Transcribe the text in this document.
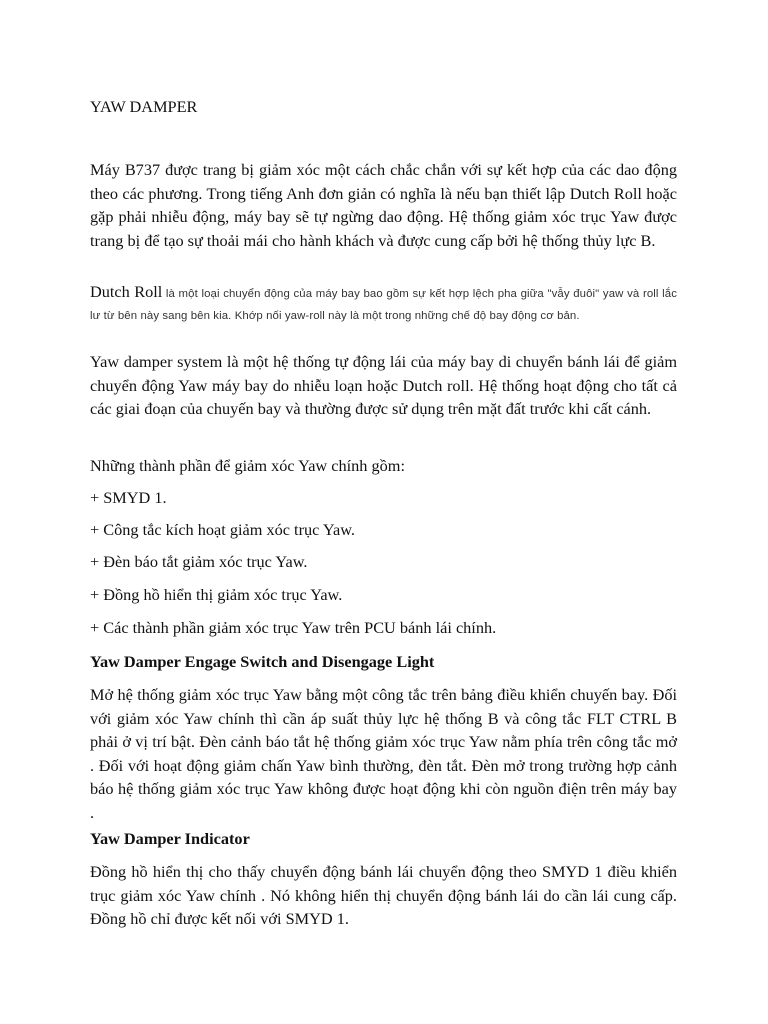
YAW DAMPER

Máy B737 được trang bị giảm xóc một cách chắc chắn với sự kết hợp của các dao động theo các phương. Trong tiếng Anh đơn giản có nghĩa là nếu bạn thiết lập Dutch Roll hoặc gặp phải nhiễu động, máy bay sẽ tự ngừng dao động. Hệ thống giảm xóc trục Yaw được trang bị để tạo sự thoải mái cho hành khách và được cung cấp bởi hệ thống thủy lực B.

Dutch Roll là một loại chuyển động của máy bay bao gồm sự kết hợp lệch pha giữa "vẫy đuôi" yaw và roll lắc lư từ bên này sang bên kia. Khớp nối yaw-roll này là một trong những chế độ bay động cơ bản.

Yaw damper system là một hệ thống tự động lái của máy bay di chuyển bánh lái để giảm chuyển động Yaw máy bay do nhiễu loạn hoặc Dutch roll. Hệ thống hoạt động cho tất cả các giai đoạn của chuyến bay và thường được sử dụng trên mặt đất trước khi cất cánh.

Những thành phần để giảm xóc Yaw chính gồm:

+ SMYD 1.

+ Công tắc kích hoạt giảm xóc trục Yaw.

+ Đèn báo tắt giảm xóc trục Yaw.

+ Đồng hồ hiển thị giảm xóc trục Yaw.

+ Các thành phần giảm xóc trục Yaw trên PCU bánh lái chính.

Yaw Damper Engage Switch and Disengage Light

Mở hệ thống giảm xóc trục Yaw bằng một công tắc trên bảng điều khiển chuyến bay. Đối với giảm xóc Yaw chính thì cần áp suất thủy lực hệ thống B và công tắc FLT CTRL B phải ở vị trí bật. Đèn cảnh báo tắt hệ thống giảm xóc trục Yaw nằm phía trên công tắc mở . Đối với hoạt động giảm chấn Yaw bình thường, đèn tắt. Đèn mở trong trường hợp cảnh báo hệ thống giảm xóc trục Yaw không được hoạt động khi còn nguồn điện trên máy bay .

Yaw Damper Indicator

Đồng hồ hiển thị cho thấy chuyển động bánh lái chuyển động theo SMYD 1 điều khiển trục giảm xóc Yaw chính . Nó không hiển thị chuyển động bánh lái do cần lái cung cấp. Đồng hồ chỉ được kết nối với SMYD 1.
